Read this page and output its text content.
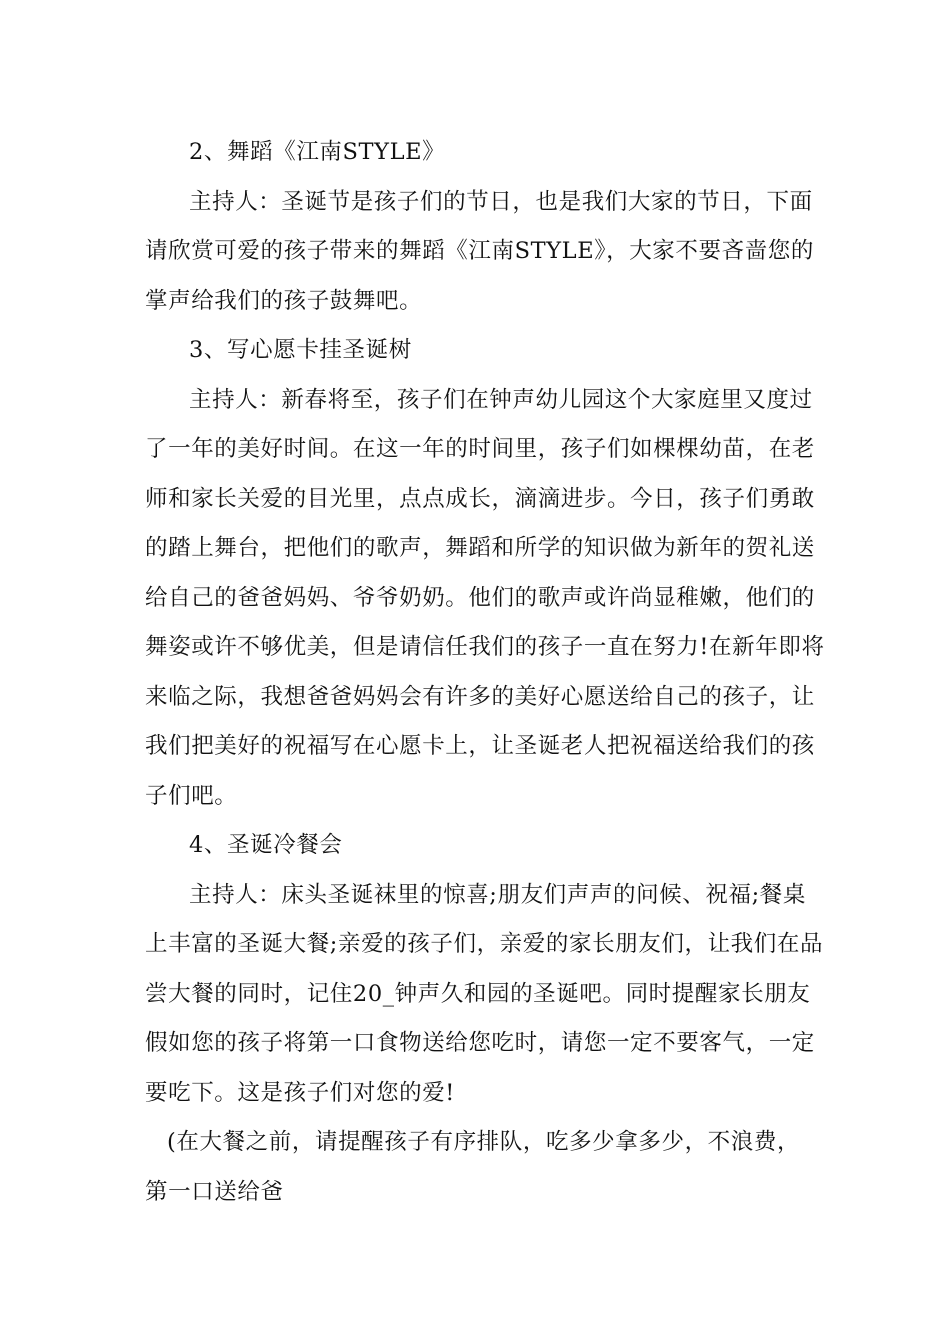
2、舞蹈《江南STYLE》

主持人：圣诞节是孩子们的节日，也是我们大家的节日，下面

请欣赏可爱的孩子带来的舞蹈《江南STYLE》，大家不要吝啬您的

掌声给我们的孩子鼓舞吧。

3、写心愿卡挂圣诞树

主持人：新春将至，孩子们在钟声幼儿园这个大家庭里又度过

了一年的美好时间。在这一年的时间里，孩子们如棵棵幼苗，在老

师和家长关爱的目光里，点点成长，滴滴进步。今日，孩子们勇敢

的踏上舞台，把他们的歌声，舞蹈和所学的知识做为新年的贺礼送

给自己的爸爸妈妈、爷爷奶奶。他们的歌声或许尚显稚嫩，他们的

舞姿或许不够优美，但是请信任我们的孩子一直在努力!在新年即将

来临之际，我想爸爸妈妈会有许多的美好心愿送给自己的孩子，让

我们把美好的祝福写在心愿卡上，让圣诞老人把祝福送给我们的孩

子们吧。

4、圣诞冷餐会

主持人：床头圣诞袜里的惊喜;朋友们声声的问候、祝福;餐桌

上丰富的圣诞大餐;亲爱的孩子们，亲爱的家长朋友们，让我们在品

尝大餐的同时，记住20_钟声久和园的圣诞吧。同时提醒家长朋友

假如您的孩子将第一口食物送给您吃时，请您一定不要客气，一定

要吃下。这是孩子们对您的爱!

(在大餐之前，请提醒孩子有序排队，吃多少拿多少，不浪费，

第一口送给爸
